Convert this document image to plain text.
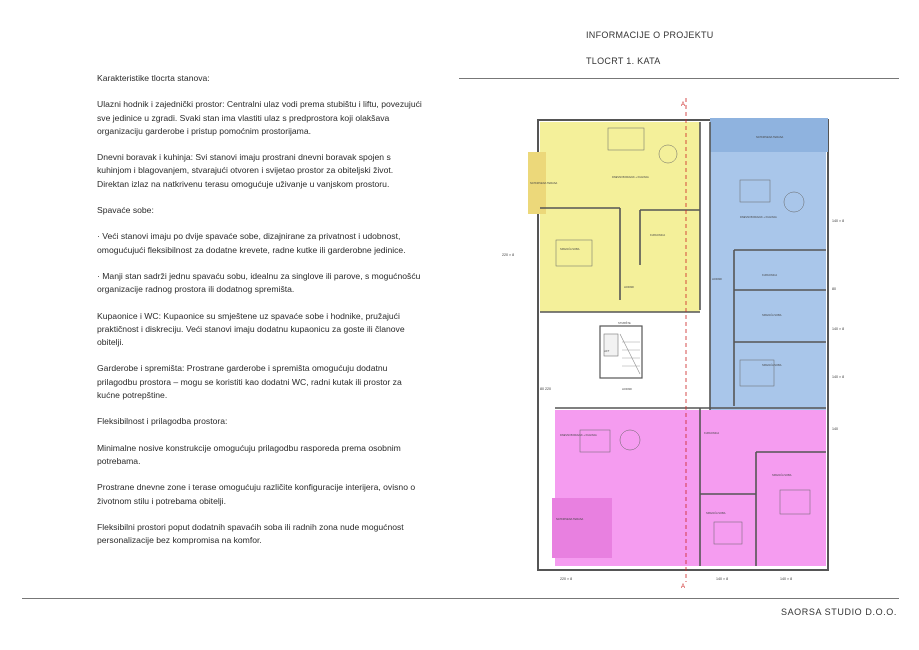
INFORMACIJE O PROJEKTU
TLOCRT 1. KATA

Karakteristike tlocrta stanova:

Ulazni hodnik i zajednički prostor: Centralni ulaz vodi prema stubištu i liftu, povezujući sve jedinice u zgradi. Svaki stan ima vlastiti ulaz s predprostora koji olakšava organizaciju garderobe i pristup pomoćnim prostorijama.

Dnevni boravak i kuhinja: Svi stanovi imaju prostrani dnevni boravak spojen s kuhinjom i blagovanjem, stvarajući otvoren i svijetao prostor za obiteljski život. Direktan izlaz na natkrivenu terasu omogućuje uživanje u vanjskom prostoru.

Spavaće sobe:

· Veći stanovi imaju po dvije spavaće sobe, dizajnirane za privatnost i udobnost, omogućujući fleksibilnost za dodatne krevete, radne kutke ili garderobne jedinice.

· Manji stan sadrži jednu spavaću sobu, idealnu za singlove ili parove, s mogućnošću organizacije radnog prostora ili dodatnog spremišta.

Kupaonice i WC: Kupaonice su smještene uz spavaće sobe i hodnike, pružajući praktičnost i diskreciju. Veći stanovi imaju dodatnu kupaonicu za goste ili članove obitelji.

Garderobe i spremišta: Prostrane garderobe i spremišta omogućuju dodatnu prilagodbu prostora – mogu se koristiti kao dodatni WC, radni kutak ili prostor za kućne potrepštine.

Fleksibilnost i prilagodba prostora:

Minimalne nosive konstrukcije omogućuju prilagodbu rasporeda prema osobnim potrebama.

Prostrane dnevne zone i terase omogućuju različite konfiguracije interijera, ovisno o životnom stilu i potrebama obitelji.

Fleksibilni prostori poput dodatnih spavaćih soba ili radnih zona nude mogućnost personalizacije bez kompromisa na komfor.

A
A
NATKRIVENA TERASA
DNEVNI BORAVAK + KUHINJA
SPAVAĆA SOBA
KUPAONICA
HODNIK
STUBIŠTE
LIFT
HODNIK
NATKRIVENA TERASA
DNEVNI BORAVAK + KUHINJA
KUPAONICA
SPAVAĆA SOBA
SPAVAĆA SOBA
HODNIK
DNEVNI BORAVAK + KUHINJA
NATKRIVENA TERASA
KUPAONICA
SPAVAĆA SOBA
SPAVAĆA SOBA
220 × 8
140 × 8
140 × 8
140 × 8
80 220
220 × 8	140 × 8	140 × 8
80
140
SAORSA STUDIO D.O.O.
